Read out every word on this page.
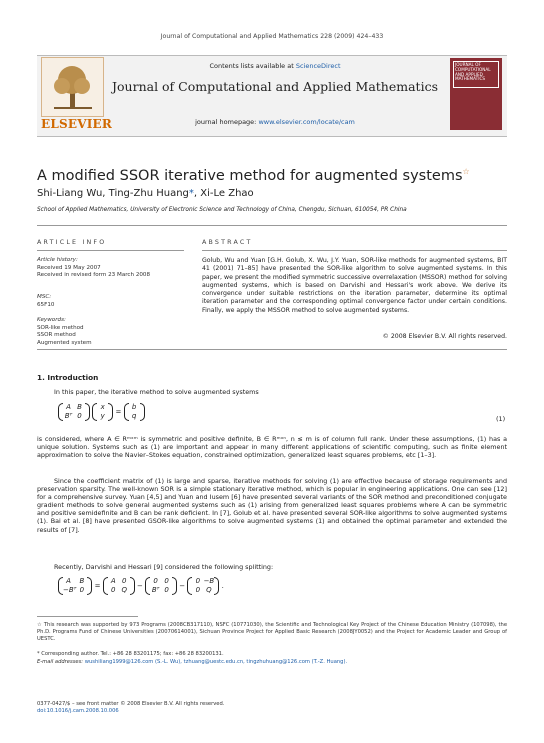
Journal of Computational and Applied Mathematics 228 (2009) 424–433
ELSEVIER
Contents lists available at ScienceDirect
Journal of Computational and Applied Mathematics
journal homepage: www.elsevier.com/locate/cam
JOURNAL OF COMPUTATIONAL AND APPLIED MATHEMATICS
A modified SSOR iterative method for augmented systems☆
Shi-Liang Wu, Ting-Zhu Huang*, Xi-Le Zhao
School of Applied Mathematics, University of Electronic Science and Technology of China, Chengdu, Sichuan, 610054, PR China
ARTICLE INFO	ABSTRACT
Article history:
Received 19 May 2007
Received in revised form 23 March 2008
MSC:
65F10
Keywords:
SOR-like method
SSOR method
Augmented system
Golub, Wu and Yuan [G.H. Golub, X. Wu, J.Y. Yuan, SOR-like methods for augmented systems, BIT 41 (2001) 71–85] have presented the SOR-like algorithm to solve augmented systems. In this paper, we present the modified symmetric successive overrelaxation (MSSOR) method for solving augmented systems, which is based on Darvishi and Hessari's work above. We derive its convergence under suitable restrictions on the iteration parameter, determine its optimal iteration parameter and the corresponding optimal convergence factor under certain conditions. Finally, we apply the MSSOR method to solve augmented systems.
© 2008 Elsevier B.V. All rights reserved.
1. Introduction
In this paper, the iterative method to solve augmented systems
A B
Bᵀ 0

x
y	=
b
q	(1)
is considered, where A ∈ Rᵐˣᵐ is symmetric and positive definite, B ∈ Rᵐˣⁿ, n ≤ m is of column full rank. Under these assumptions, (1) has a unique solution. Systems such as (1) are important and appear in many different applications of scientific computing, such as finite element approximation to solve the Navier–Stokes equation, constrained optimization, generalized least squares problems, etc [1–3].
Since the coefficient matrix of (1) is large and sparse, iterative methods for solving (1) are effective because of storage requirements and preservation sparsity. The well-known SOR is a simple stationary iterative method, which is popular in engineering applications. One can see [12] for a comprehensive survey. Yuan [4,5] and Yuan and Iusem [6] have presented several variants of the SOR method and preconditioned conjugate gradient methods to solve general augmented systems such as (1) arising from generalized least squares problems where A can be symmetric and positive semidefinite and B can be rank deficient. In [7], Golub et al. have presented several SOR-like algorithms to solve augmented systems (1). Bai et al. [8] have presented GSOR-like algorithms to solve augmented systems (1) and obtained the optimal parameter and extended the results of [7].
Recently, Darvishi and Hessari [9] considered the following splitting:
A	B
−Bᵀ 0	=
A 0
0 Q	−
0 0
Bᵀ 0	−
0 −B
0 Q	.
☆ This research was supported by 973 Programs (2008CB317110), NSFC (10771030), the Scientific and Technological Key Project of the Chinese Education Ministry (107098), the Ph.D. Programs Fund of Chinese Universities (20070614001), Sichuan Province Project for Applied Basic Research (2008JY0052) and the Project for Academic Leader and Group of UESTC.
* Corresponding author. Tel.: +86 28 83201175; fax: +86 28 83200131.
E-mail addresses: wushiliang1999@126.com (S.-L. Wu), tzhuang@uestc.edu.cn, tingzhuhuang@126.com (T.-Z. Huang).
0377-0427/$ – see front matter © 2008 Elsevier B.V. All rights reserved.
doi:10.1016/j.cam.2008.10.006
